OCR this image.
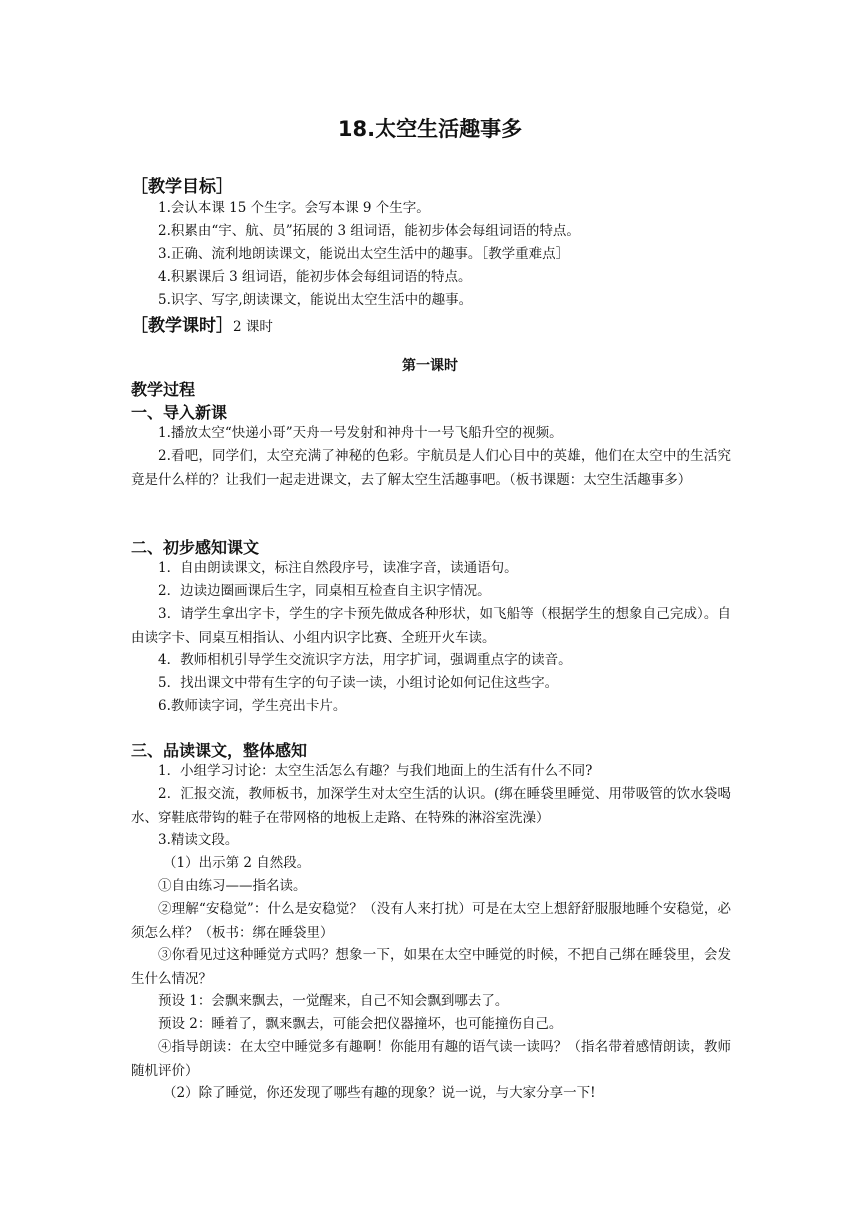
18.太空生活趣事多
［教学目标］
1.会认本课 15 个生字。会写本课 9 个生字。
2.积累由“宇、航、员”拓展的 3 组词语，能初步体会每组词语的特点。
3.正确、流利地朗读课文，能说出太空生活中的趣事。［教学重难点］
4.积累课后 3 组词语，能初步体会每组词语的特点。
5.识字、写字,朗读课文，能说出太空生活中的趣事。
［教学课时］2 课时
第一课时
教学过程
一、导入新课
1.播放太空“快递小哥”天舟一号发射和神舟十一号飞船升空的视频。
2.看吧，同学们，太空充满了神秘的色彩。宇航员是人们心目中的英雄，他们在太空中的生活究竟是什么样的？让我们一起走进课文，去了解太空生活趣事吧。（板书课题：太空生活趣事多）
二、初步感知课文
1．自由朗读课文，标注自然段序号，读准字音，读通语句。
2．边读边圈画课后生字，同桌相互检查自主识字情况。
3．请学生拿出字卡，学生的字卡预先做成各种形状，如飞船等（根据学生的想象自己完成）。自由读字卡、同桌互相指认、小组内识字比赛、全班开火车读。
4．教师相机引导学生交流识字方法，用字扩词，强调重点字的读音。
5．找出课文中带有生字的句子读一读，小组讨论如何记住这些字。
6.教师读字词，学生亮出卡片。
三、品读课文，整体感知
1．小组学习讨论：太空生活怎么有趣？与我们地面上的生活有什么不同?
2．汇报交流，教师板书，加深学生对太空生活的认识。(绑在睡袋里睡觉、用带吸管的饮水袋喝水、穿鞋底带钩的鞋子在带网格的地板上走路、在特殊的淋浴室洗澡）
3.精读文段。
（1）出示第 2 自然段。
①自由练习——指名读。
②理解“安稳觉”：什么是安稳觉？（没有人来打扰）可是在太空上想舒舒服服地睡个安稳觉，必须怎么样？（板书：绑在睡袋里）
③你看见过这种睡觉方式吗？想象一下，如果在太空中睡觉的时候，不把自己绑在睡袋里，会发生什么情况？
预设 1：会飘来飘去，一觉醒来，自己不知会飘到哪去了。
预设 2：睡着了，飘来飘去，可能会把仪器撞坏，也可能撞伤自己。
④指导朗读：在太空中睡觉多有趣啊！你能用有趣的语气读一读吗？（指名带着感情朗读，教师随机评价）
（2）除了睡觉，你还发现了哪些有趣的现象？说一说，与大家分享一下!
